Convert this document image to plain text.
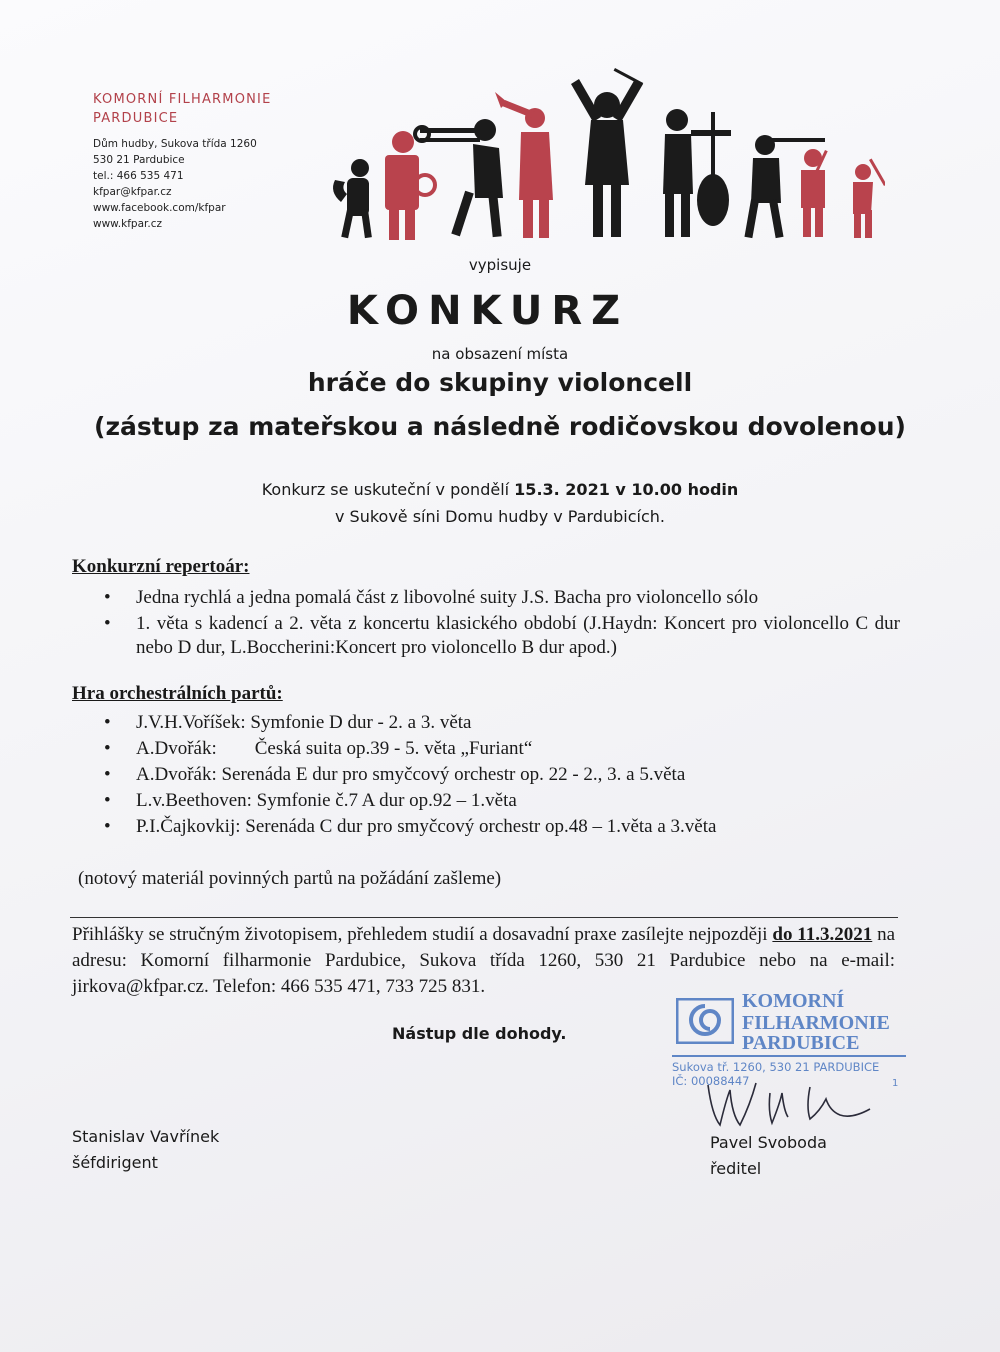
KOMORNÍ FILHARMONIE
PARDUBICE
Dům hudby, Sukova třída 1260
530 21 Pardubice
tel.: 466 535 471
kfpar@kfpar.cz
www.facebook.com/kfpar
www.kfpar.cz
vypisuje
KONKURZ
na obsazení místa
hráče do skupiny violoncell
(zástup za mateřskou a následně rodičovskou dovolenou)
Konkurz se uskuteční v pondělí 15.3. 2021 v 10.00 hodin
v Sukově síni Domu hudby v Pardubicích.
Konkurzní repertoár:
• Jedna rychlá a jedna pomalá část z libovolné suity J.S. Bacha pro violoncello sólo
• 1. věta s kadencí a 2. věta z koncertu klasického období (J.Haydn: Koncert pro violoncello C dur nebo D dur, L.Boccherini:Koncert pro violoncello B dur apod.)
Hra orchestrálních partů:
• J.V.H.Voříšek: Symfonie D dur - 2. a 3. věta
• A.Dvořák:        Česká suita op.39 - 5. věta „Furiant“
• A.Dvořák: Serenáda E dur pro smyčcový orchestr op. 22 - 2., 3. a 5.věta
• L.v.Beethoven: Symfonie č.7 A dur op.92 – 1.věta
• P.I.Čajkovkij: Serenáda C dur pro smyčcový orchestr op.48 – 1.věta a 3.věta
(notový materiál povinných partů na požádání zašleme)
Přihlášky se stručným životopisem, přehledem studií a dosavadní praxe zasílejte nejpozději do 11.3.2021 na adresu: Komorní filharmonie Pardubice, Sukova třída 1260, 530 21 Pardubice nebo na e-mail: jirkova@kfpar.cz. Telefon: 466 535 471, 733 725 831.
Nástup dle dohody.
KOMORNÍ
FILHARMONIE
PARDUBICE
Sukova tř. 1260, 530 21 PARDUBICE
IČ: 00088447	1
Stanislav Vavřínek
šéfdirigent
Pavel Svoboda
ředitel
